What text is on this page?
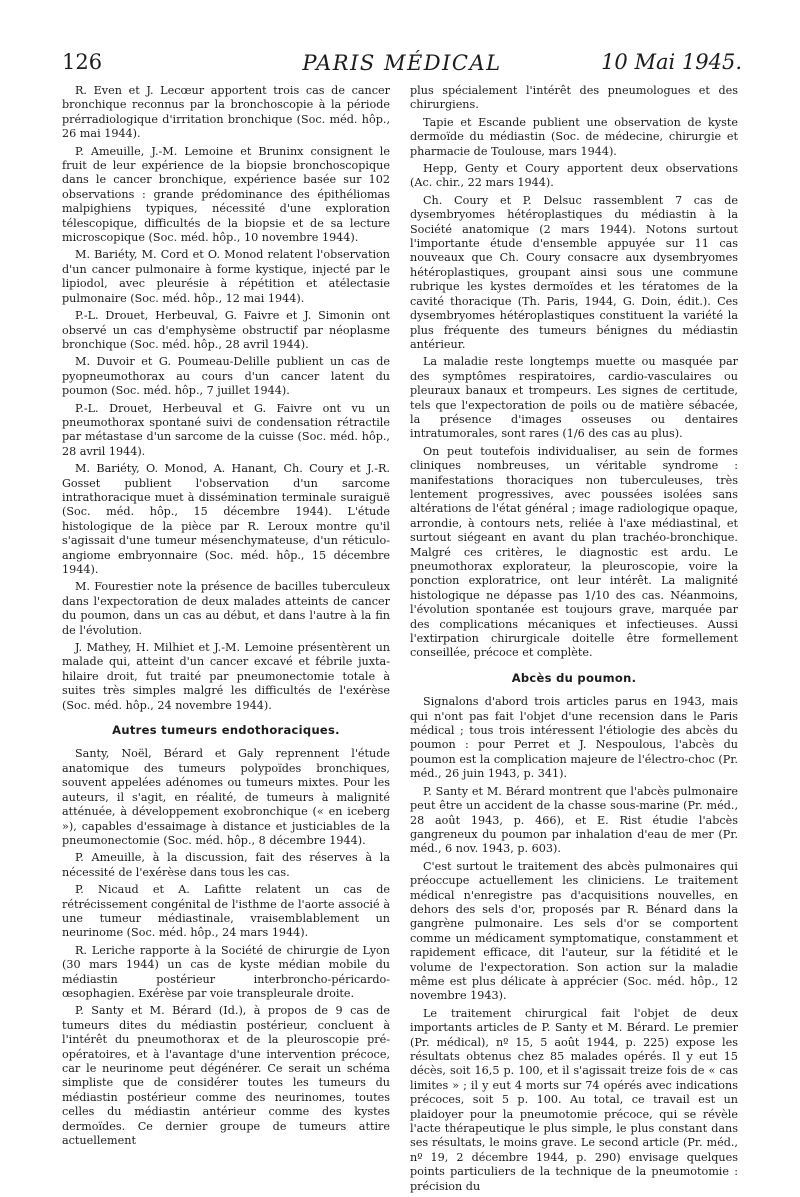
126	PARIS MÉDICAL	10 Mai 1945.

R. Even et J. Lecœur apportent trois cas de cancer bronchique reconnus par la bronchoscopie à la période prérradiologique d'irritation bronchique (Soc. méd. hôp., 26 mai 1944).

P. Ameuille, J.-M. Lemoine et Bruninx consignent le fruit de leur expérience de la biopsie bronchoscopique dans le cancer bronchique, expérience basée sur 102 observations : grande prédominance des épithéliomas malpighiens typiques, nécessité d'une exploration télescopique, difficultés de la biopsie et de sa lecture microscopique (Soc. méd. hôp., 10 novembre 1944).

M. Bariéty, M. Cord et O. Monod relatent l'observation d'un cancer pulmonaire à forme kystique, injecté par le lipiodol, avec pleurésie à répétition et atélectasie pulmonaire (Soc. méd. hôp., 12 mai 1944).

P.-L. Drouet, Herbeuval, G. Faivre et J. Simonin ont observé un cas d'emphysème obstructif par néoplasme bronchique (Soc. méd. hôp., 28 avril 1944).

M. Duvoir et G. Poumeau-Delille publient un cas de pyopneumothorax au cours d'un cancer latent du poumon (Soc. méd. hôp., 7 juillet 1944).

P.-L. Drouet, Herbeuval et G. Faivre ont vu un pneumothorax spontané suivi de condensation rétractile par métastase d'un sarcome de la cuisse (Soc. méd. hôp., 28 avril 1944).

M. Bariéty, O. Monod, A. Hanant, Ch. Coury et J.-R. Gosset publient l'observation d'un sarcome intrathoracique muet à dissémination terminale suraiguë (Soc. méd. hôp., 15 décembre 1944). L'étude histologique de la pièce par R. Leroux montre qu'il s'agissait d'une tumeur mésenchymateuse, d'un réticulo-angiome embryonnaire (Soc. méd. hôp., 15 décembre 1944).

M. Fourestier note la présence de bacilles tuberculeux dans l'expectoration de deux malades atteints de cancer du poumon, dans un cas au début, et dans l'autre à la fin de l'évolution.

J. Mathey, H. Milhiet et J.-M. Lemoine présentèrent un malade qui, atteint d'un cancer excavé et fébrile juxta-hilaire droit, fut traité par pneumonectomie totale à suites très simples malgré les difficultés de l'exérèse (Soc. méd. hôp., 24 novembre 1944).

Autres tumeurs endothoraciques.

Santy, Noël, Bérard et Galy reprennent l'étude anatomique des tumeurs polypoïdes bronchiques, souvent appelées adénomes ou tumeurs mixtes. Pour les auteurs, il s'agit, en réalité, de tumeurs à malignité atténuée, à développement exobronchique (« en iceberg »), capables d'essaimage à distance et justiciables de la pneumonectomie (Soc. méd. hôp., 8 décembre 1944).

P. Ameuille, à la discussion, fait des réserves à la nécessité de l'exérèse dans tous les cas.

P. Nicaud et A. Lafitte relatent un cas de rétrécissement congénital de l'isthme de l'aorte associé à une tumeur médiastinale, vraisemblablement un neurinome (Soc. méd. hôp., 24 mars 1944).

R. Leriche rapporte à la Société de chirurgie de Lyon (30 mars 1944) un cas de kyste médian mobile du médiastin postérieur interbroncho-péricardo-œsophagien. Exérèse par voie transpleurale droite.

P. Santy et M. Bérard (Id.), à propos de 9 cas de tumeurs dites du médiastin postérieur, concluent à l'intérêt du pneumothorax et de la pleuroscopie pré-opératoires, et à l'avantage d'une intervention précoce, car le neurinome peut dégénérer. Ce serait un schéma simpliste que de considérer toutes les tumeurs du médiastin postérieur comme des neurinomes, toutes celles du médiastin antérieur comme des kystes dermoïdes. Ce dernier groupe de tumeurs attire actuellement

plus spécialement l'intérêt des pneumologues et des chirurgiens.

Tapie et Escande publient une observation de kyste dermoïde du médiastin (Soc. de médecine, chirurgie et pharmacie de Toulouse, mars 1944).

Hepp, Genty et Coury apportent deux observations (Ac. chir., 22 mars 1944).

Ch. Coury et P. Delsuc rassemblent 7 cas de dysembryomes hétéroplastiques du médiastin à la Société anatomique (2 mars 1944). Notons surtout l'importante étude d'ensemble appuyée sur 11 cas nouveaux que Ch. Coury consacre aux dysembryomes hétéroplastiques, groupant ainsi sous une commune rubrique les kystes dermoïdes et les tératomes de la cavité thoracique (Th. Paris, 1944, G. Doin, édit.). Ces dysembryomes hétéroplastiques constituent la variété la plus fréquente des tumeurs bénignes du médiastin antérieur.

La maladie reste longtemps muette ou masquée par des symptômes respiratoires, cardio-vasculaires ou pleuraux banaux et trompeurs. Les signes de certitude, tels que l'expectoration de poils ou de matière sébacée, la présence d'images osseuses ou dentaires intratumorales, sont rares (1/6 des cas au plus).

On peut toutefois individualiser, au sein de formes cliniques nombreuses, un véritable syndrome : manifestations thoraciques non tuberculeuses, très lentement progressives, avec poussées isolées sans altérations de l'état général ; image radiologique opaque, arrondie, à contours nets, reliée à l'axe médiastinal, et surtout siégeant en avant du plan trachéo-bronchique. Malgré ces critères, le diagnostic est ardu. Le pneumothorax explorateur, la pleuroscopie, voire la ponction exploratrice, ont leur intérêt. La malignité histologique ne dépasse pas 1/10 des cas. Néanmoins, l'évolution spontanée est toujours grave, marquée par des complications mécaniques et infectieuses. Aussi l'extirpation chirurgicale doitelle être formellement conseillée, précoce et complète.

Abcès du poumon.

Signalons d'abord trois articles parus en 1943, mais qui n'ont pas fait l'objet d'une recension dans le Paris médical ; tous trois intéressent l'étiologie des abcès du poumon : pour Perret et J. Nespoulous, l'abcès du poumon est la complication majeure de l'électro-choc (Pr. méd., 26 juin 1943, p. 341).

P. Santy et M. Bérard montrent que l'abcès pulmonaire peut être un accident de la chasse sous-marine (Pr. méd., 28 août 1943, p. 466), et E. Rist étudie l'abcès gangreneux du poumon par inhalation d'eau de mer (Pr. méd., 6 nov. 1943, p. 603).

C'est surtout le traitement des abcès pulmonaires qui préoccupe actuellement les cliniciens. Le traitement médical n'enregistre pas d'acquisitions nouvelles, en dehors des sels d'or, proposés par R. Bénard dans la gangrène pulmonaire. Les sels d'or se comportent comme un médicament symptomatique, constamment et rapidement efficace, dit l'auteur, sur la fétidité et le volume de l'expectoration. Son action sur la maladie même est plus délicate à apprécier (Soc. méd. hôp., 12 novembre 1943).

Le traitement chirurgical fait l'objet de deux importants articles de P. Santy et M. Bérard. Le premier (Pr. médical), nº 15, 5 août 1944, p. 225) expose les résultats obtenus chez 85 malades opérés. Il y eut 15 décès, soit 16,5 p. 100, et il s'agissait treize fois de « cas limites » ; il y eut 4 morts sur 74 opérés avec indications précoces, soit 5 p. 100. Au total, ce travail est un plaidoyer pour la pneumotomie précoce, qui se révèle l'acte thérapeutique le plus simple, le plus constant dans ses résultats, le moins grave. Le second article (Pr. méd., nº 19, 2 décembre 1944, p. 290) envisage quelques points particuliers de la technique de la pneumotomie : précision du
